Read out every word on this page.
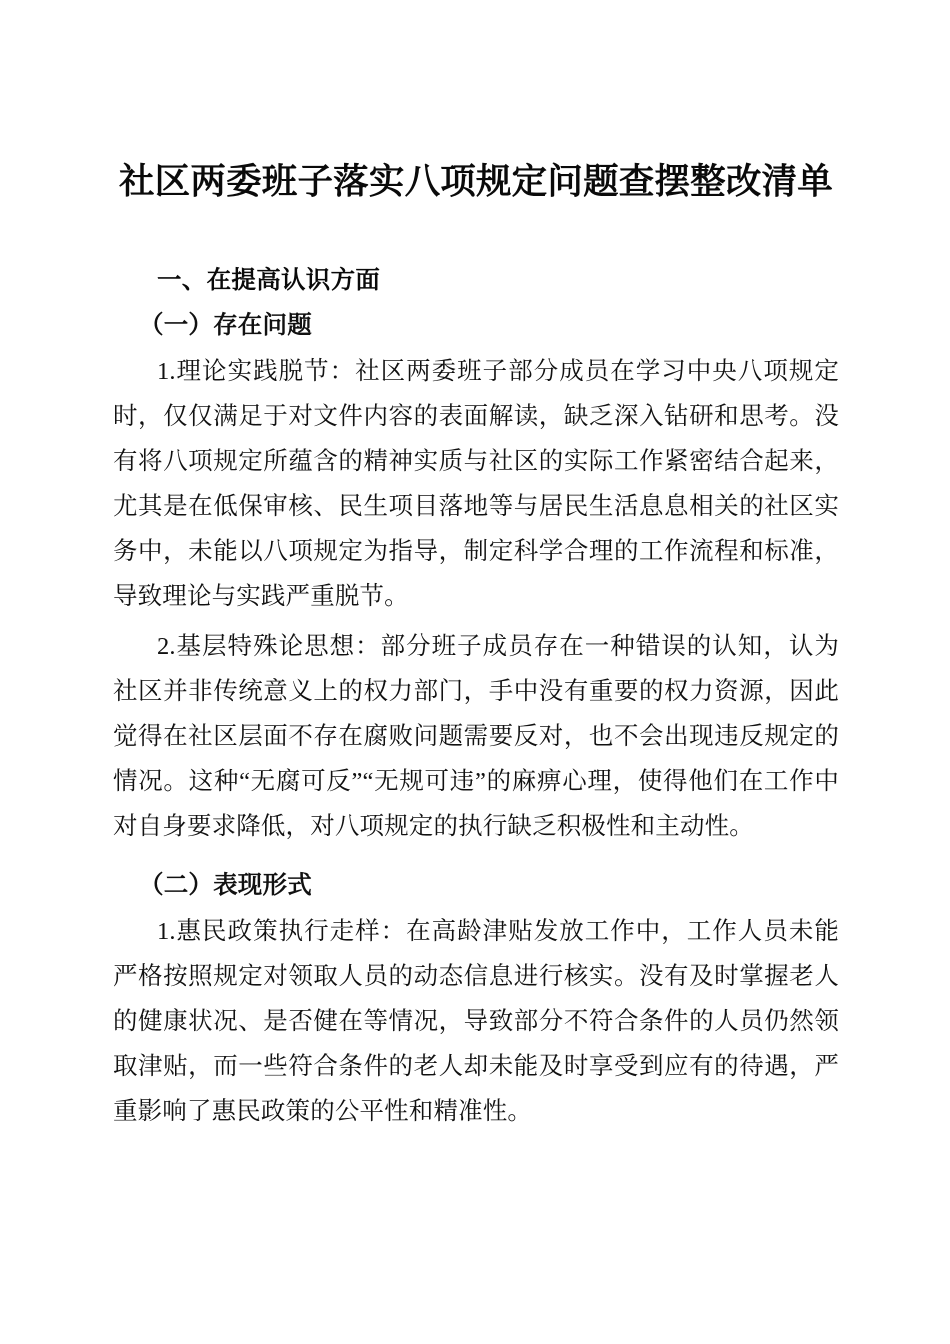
社区两委班子落实八项规定问题查摆整改清单
一、在提高认识方面
（一）存在问题

1.理论实践脱节：社区两委班子部分成员在学习中央八项规定时，仅仅满足于对文件内容的表面解读，缺乏深入钻研和思考。没有将八项规定所蕴含的精神实质与社区的实际工作紧密结合起来，尤其是在低保审核、民生项目落地等与居民生活息息相关的社区实务中，未能以八项规定为指导，制定科学合理的工作流程和标准，导致理论与实践严重脱节。

2.基层特殊论思想：部分班子成员存在一种错误的认知，认为社区并非传统意义上的权力部门，手中没有重要的权力资源，因此觉得在社区层面不存在腐败问题需要反对，也不会出现违反规定的情况。这种“无腐可反”“无规可违”的麻痹心理，使得他们在工作中对自身要求降低，对八项规定的执行缺乏积极性和主动性。

（二）表现形式

1.惠民政策执行走样：在高龄津贴发放工作中，工作人员未能严格按照规定对领取人员的动态信息进行核实。没有及时掌握老人的健康状况、是否健在等情况，导致部分不符合条件的人员仍然领取津贴，而一些符合条件的老人却未能及时享受到应有的待遇，严重影响了惠民政策的公平性和精准性。
